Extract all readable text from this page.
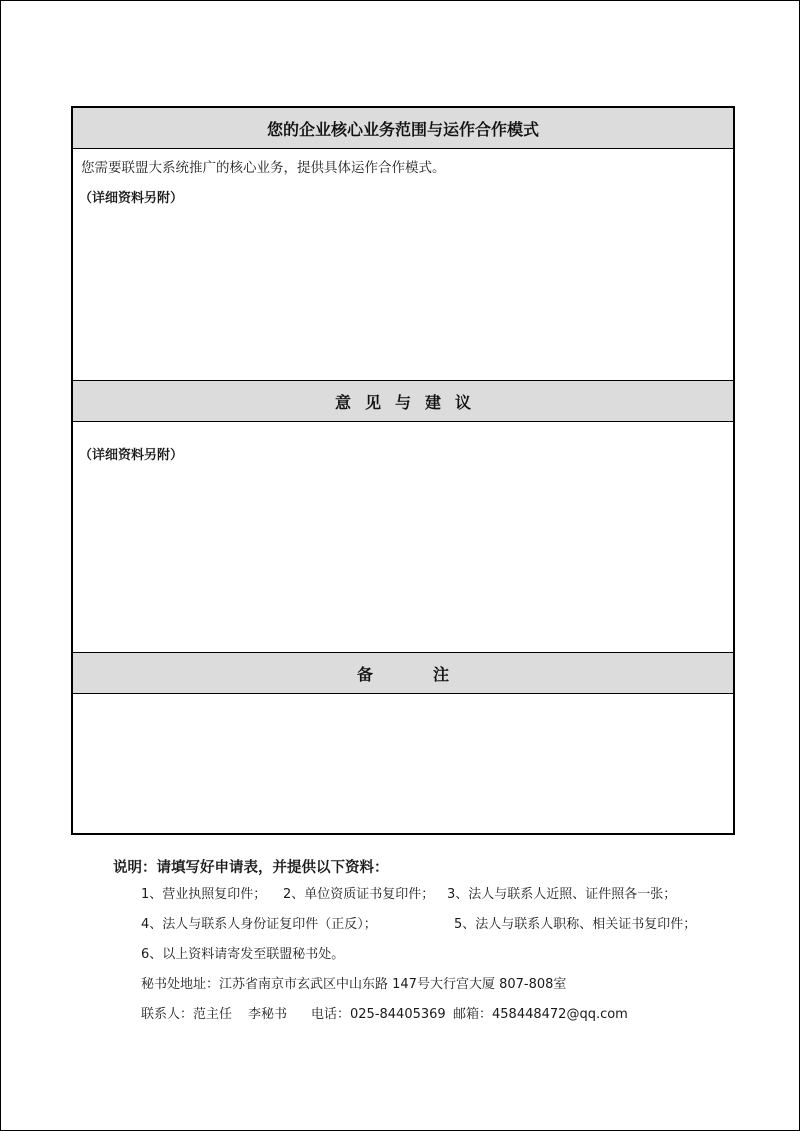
您的企业核心业务范围与运作合作模式
您需要联盟大系统推广的核心业务，提供具体运作合作模式。
（详细资料另附）
意见与建议
（详细资料另附）
备	注
说明：请填写好申请表，并提供以下资料：
1、营业执照复印件； 2、单位资质证书复印件； 3、法人与联系人近照、证件照各一张；
4、法人与联系人身份证复印件（正反）；	5、法人与联系人职称、相关证书复印件；
6、以上资料请寄发至联盟秘书处。
秘书处地址：江苏省南京市玄武区中山东路 147号大行宫大厦 807-808室
联系人：范主任 李秘书 电话：025-84405369 邮箱：458448472@qq.com
